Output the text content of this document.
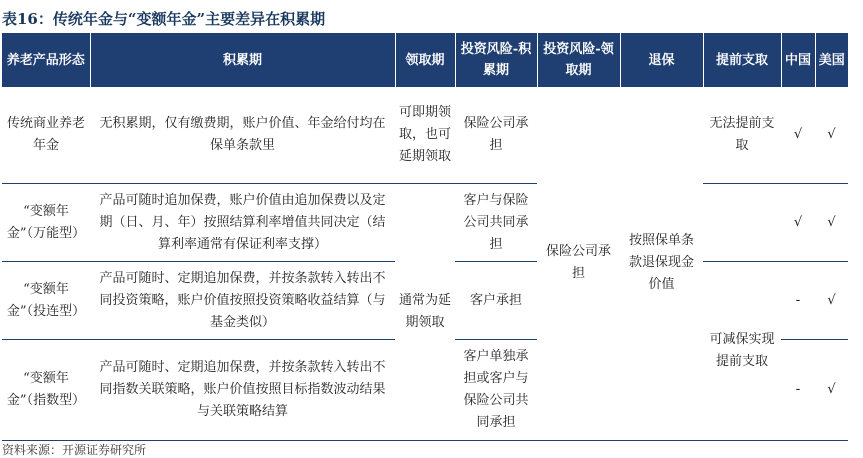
表16：传统年金与“变额年金”主要差异在积累期
养老产品形态	积累期	领取期	投资风险-积累期	投资风险-领取期	退保	提前支取	中国	美国
传统商业养老年金	无积累期，仅有缴费期，账户价值、年金给付均在保单条款里	可即期领取，也可延期领取	保险公司承担	保险公司承担	按照保单条款退保现金价值	无法提前支取	√	√
“变额年金”（万能型）	产品可随时追加保费，账户价值由追加保费以及定期（日、月、年）按照结算利率增值共同决定（结算利率通常有保证利率支撑）	通常为延期领取	客户与保险公司共同承担				√	√
“变额年金”（投连型）	产品可随时、定期追加保费，并按条款转入转出不同投资策略，账户价值按照投资策略收益结算（与基金类似）		客户承担			可减保实现提前支取	-	√
“变额年金”（指数型）	产品可随时、定期追加保费，并按条款转入转出不同指数关联策略，账户价值按照目标指数波动结果与关联策略结算		客户单独承担或客户与保险公司共同承担				-	√
资料来源：开源证券研究所
